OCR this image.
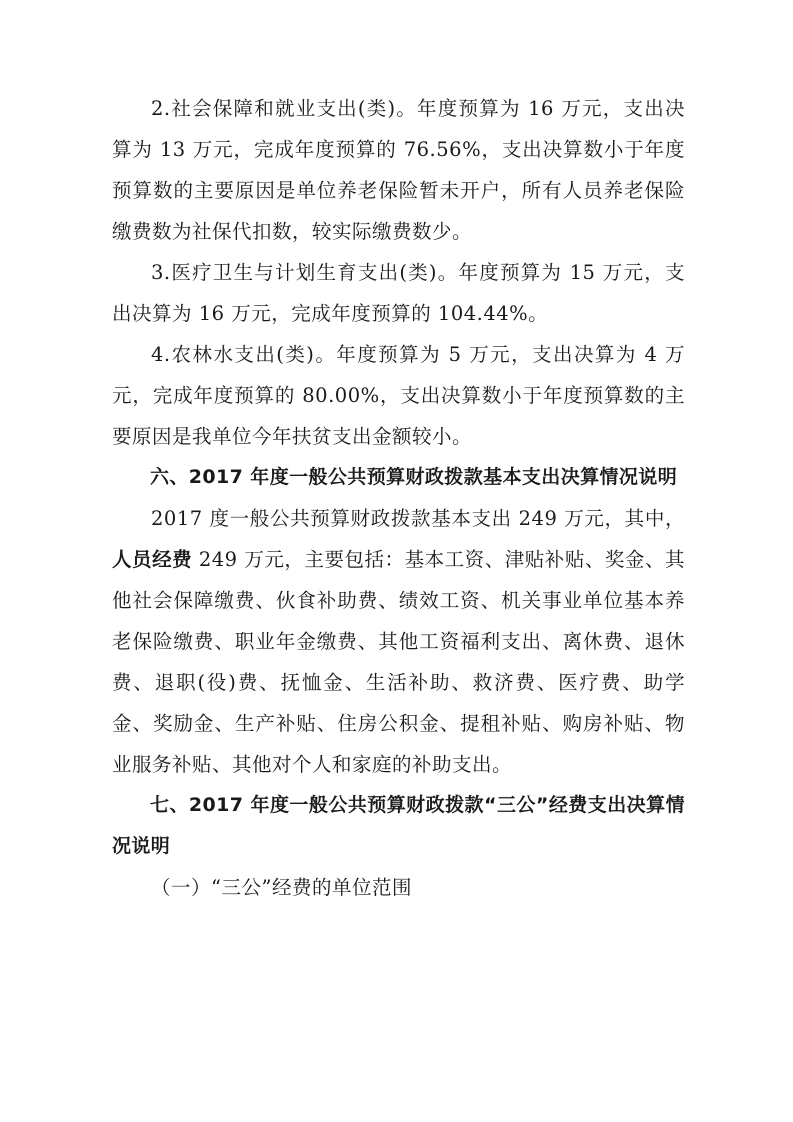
2.社会保障和就业支出(类)。年度预算为 16 万元，支出决算为 13 万元，完成年度预算的 76.56%，支出决算数小于年度预算数的主要原因是单位养老保险暂未开户，所有人员养老保险缴费数为社保代扣数，较实际缴费数少。

3.医疗卫生与计划生育支出(类)。年度预算为 15 万元，支出决算为 16 万元，完成年度预算的 104.44%。

4.农林水支出(类)。年度预算为 5 万元，支出决算为 4 万元，完成年度预算的 80.00%，支出决算数小于年度预算数的主要原因是我单位今年扶贫支出金额较小。

六、2017 年度一般公共预算财政拨款基本支出决算情况说明

2017 度一般公共预算财政拨款基本支出 249 万元，其中，人员经费 249 万元，主要包括：基本工资、津贴补贴、奖金、其他社会保障缴费、伙食补助费、绩效工资、机关事业单位基本养老保险缴费、职业年金缴费、其他工资福利支出、离休费、退休费、退职(役)费、抚恤金、生活补助、救济费、医疗费、助学金、奖励金、生产补贴、住房公积金、提租补贴、购房补贴、物业服务补贴、其他对个人和家庭的补助支出。

七、2017 年度一般公共预算财政拨款“三公”经费支出决算情况说明

（一）“三公”经费的单位范围
